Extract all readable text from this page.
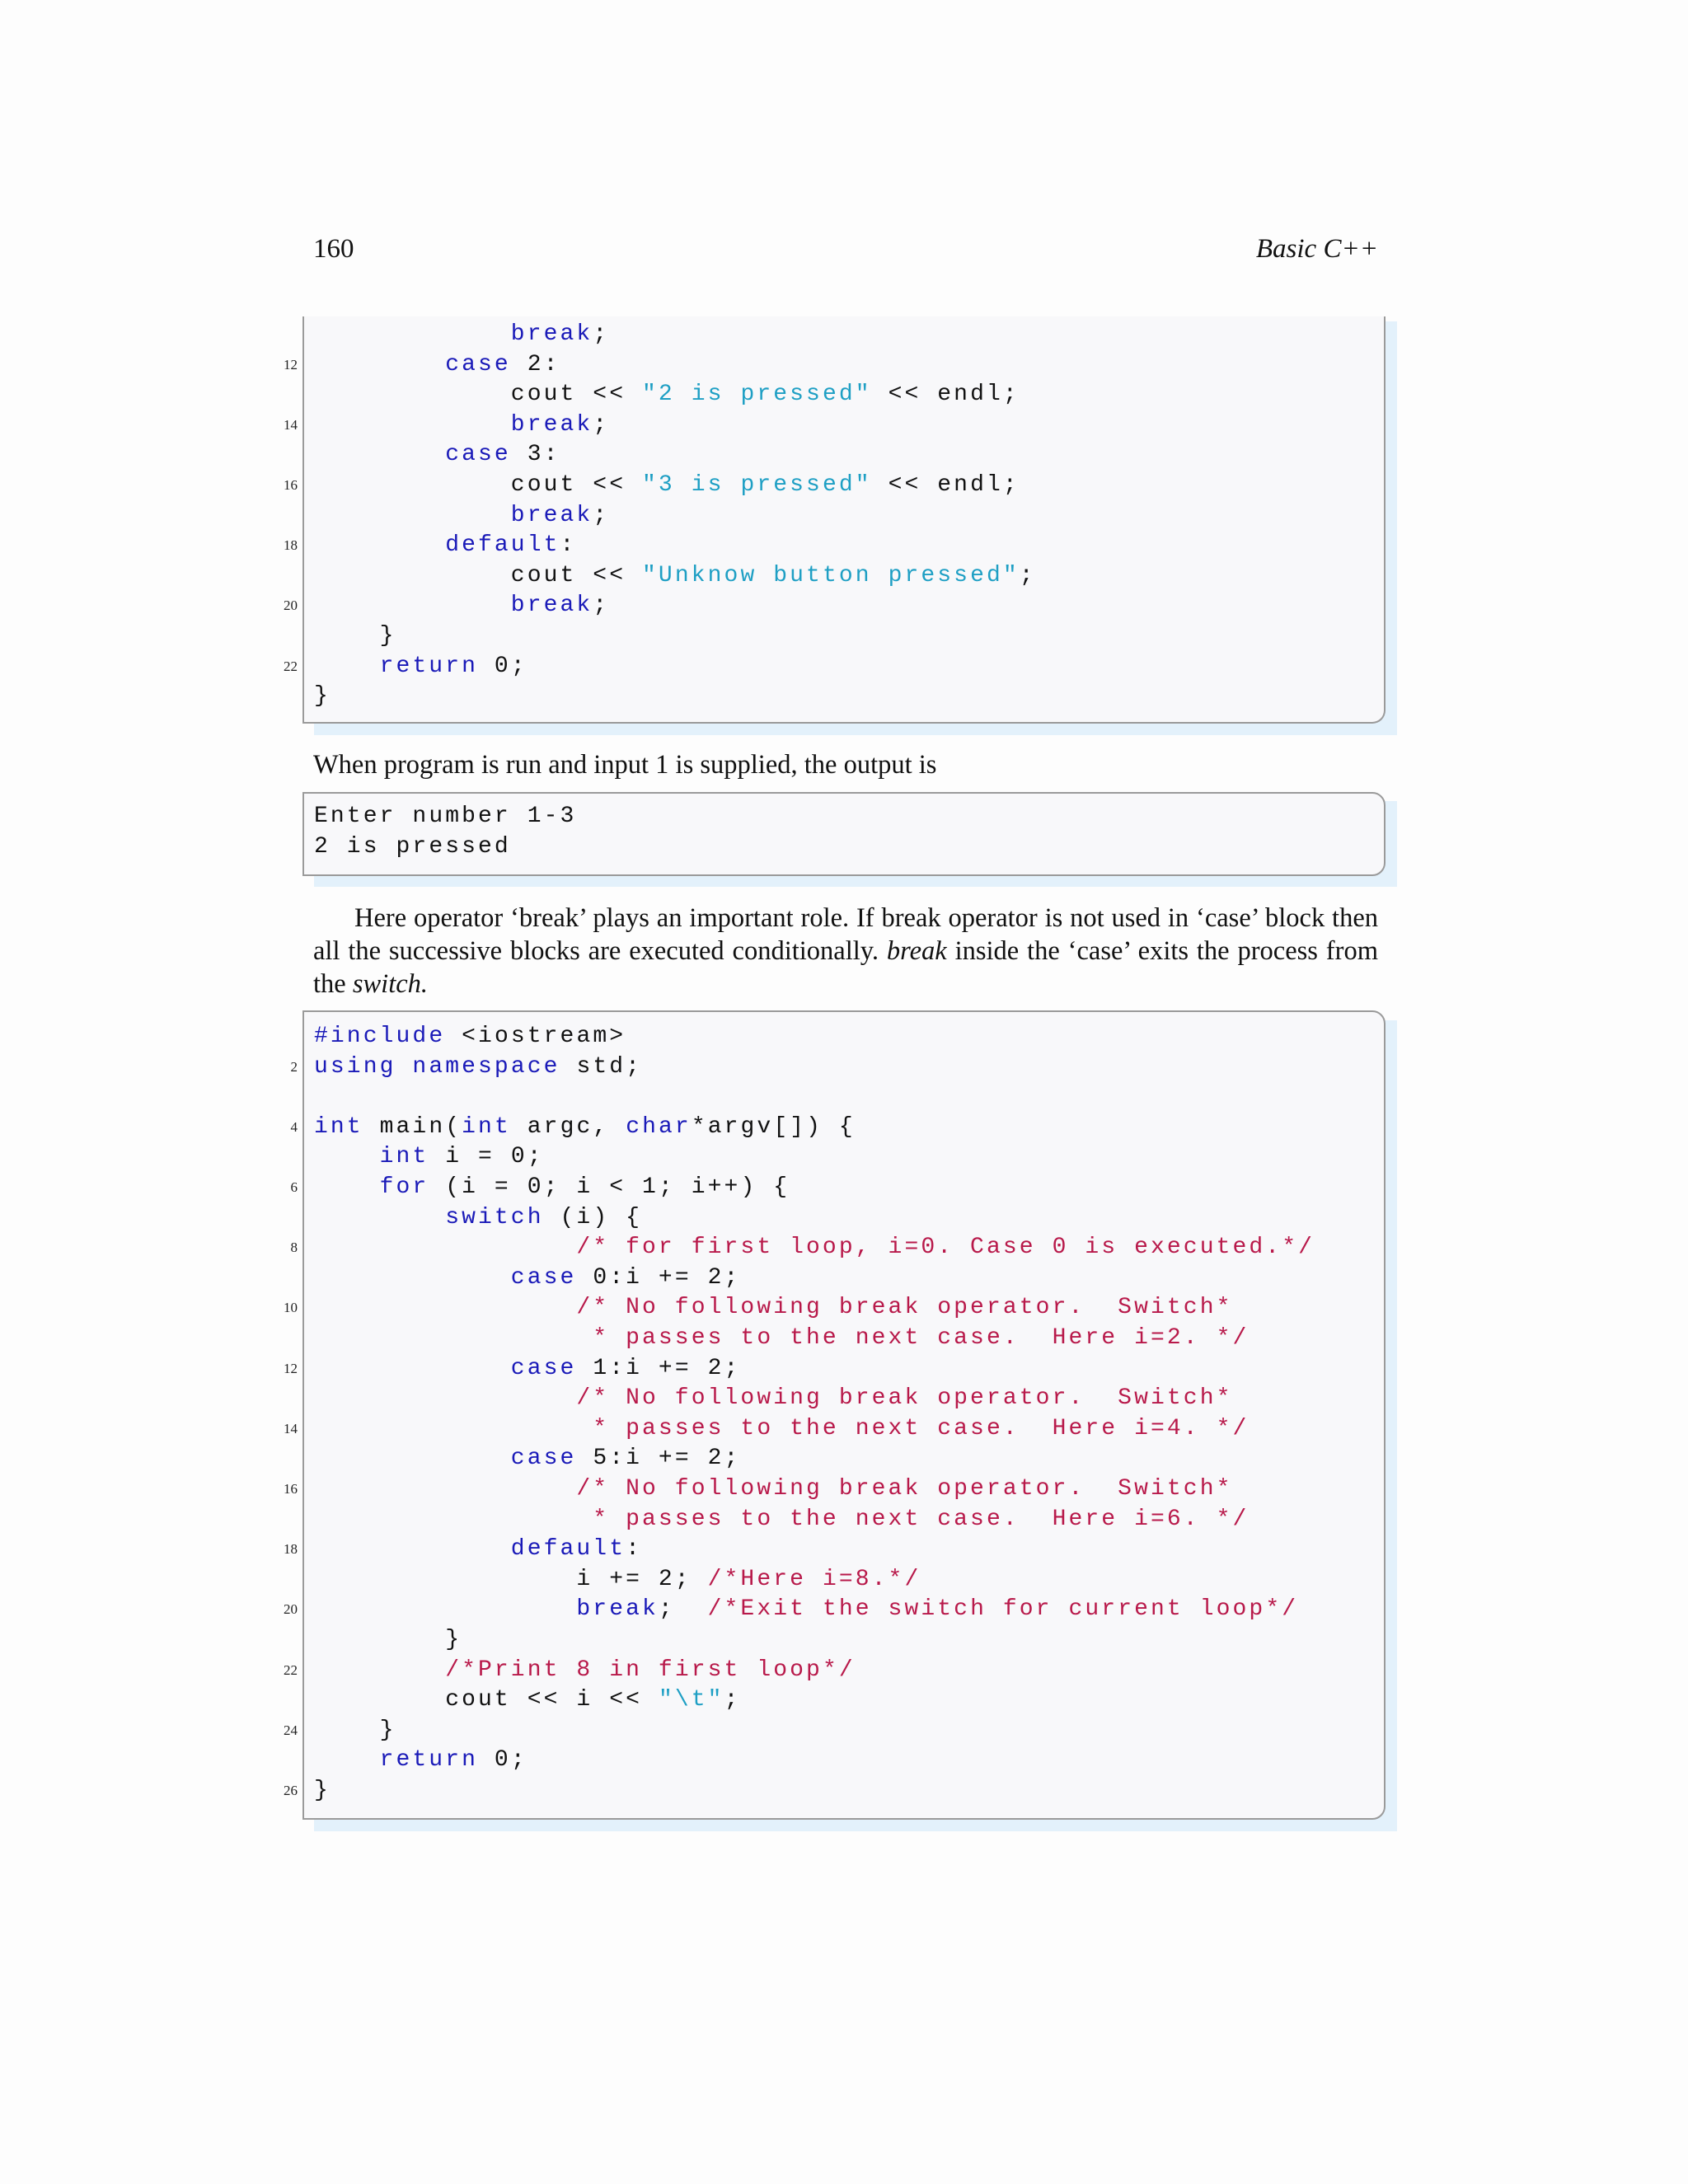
160	Basic C++
break;
12	case 2:
cout << "2 is pressed" << endl;
14	break;
case 3:
16	cout << "3 is pressed" << endl;
break;
18	default:
cout << "Unknow button pressed";
20	break;
}
22	return 0;
}
When program is run and input 1 is supplied, the output is
Enter number 1-3
2 is pressed
Here operator ‘break’ plays an important role. If break operator is not used in ‘case’ block then all the successive blocks are executed conditionally. break inside the ‘case’ exits the process from the switch.
#include <iostream>
2 using namespace std;
4 int main(int argc, char*argv[]) {
int i = 0;
6	for (i = 0; i < 1; i++) {
switch (i) {
8	/* for first loop, i=0. Case 0 is executed.*/
case 0:i += 2;
10	/* No following break operator.  Switch*
* passes to the next case.  Here i=2. */
12	case 1:i += 2;
/* No following break operator.  Switch*
14	* passes to the next case.  Here i=4. */
case 5:i += 2;
16	/* No following break operator.  Switch*
* passes to the next case.  Here i=6. */
18	default:
i += 2; /*Here i=8.*/
20	break;  /*Exit the switch for current loop*/
}
22	/*Print 8 in first loop*/
cout << i << "\t";
24	}
return 0;
26 }
